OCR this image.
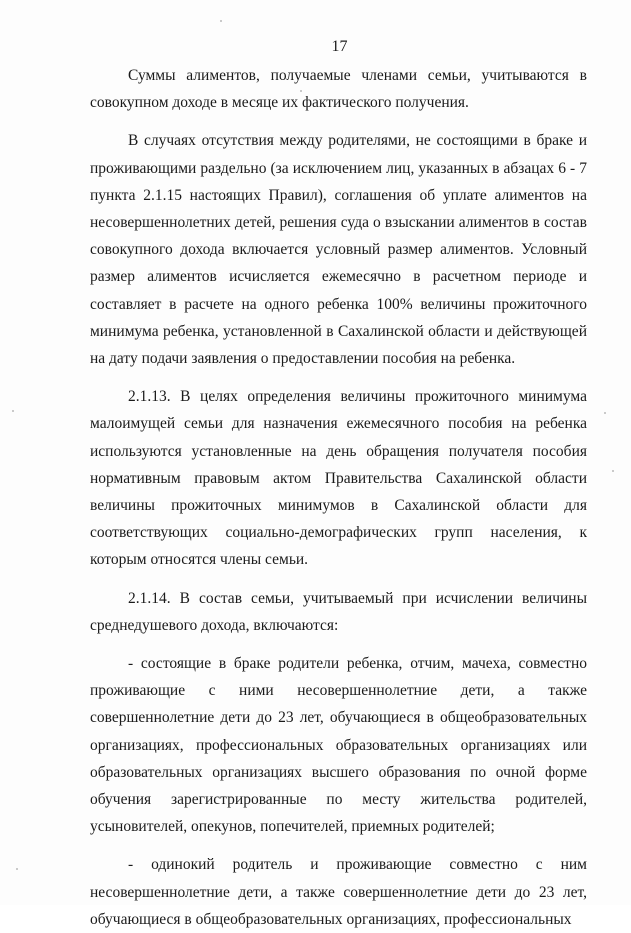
17

Суммы алиментов, получаемые членами семьи, учитываются в совокупном доходе в месяце их фактического получения.

В случаях отсутствия между родителями, не состоящими в браке и проживающими раздельно (за исключением лиц, указанных в абзацах 6 - 7 пункта 2.1.15 настоящих Правил), соглашения об уплате алиментов на несовершеннолетних детей, решения суда о взыскании алиментов в состав совокупного дохода включается условный размер алиментов. Условный размер алиментов исчисляется ежемесячно в расчетном периоде и составляет в расчете на одного ребенка 100% величины прожиточного минимума ребенка, установленной в Сахалинской области и действующей на дату подачи заявления о предоставлении пособия на ребенка.

2.1.13. В целях определения величины прожиточного минимума малоимущей семьи для назначения ежемесячного пособия на ребенка используются установленные на день обращения получателя пособия нормативным правовым актом Правительства Сахалинской области величины прожиточных минимумов в Сахалинской области для соответствующих социально-демографических групп населения, к которым относятся члены семьи.

2.1.14. В состав семьи, учитываемый при исчислении величины среднедушевого дохода, включаются:

- состоящие в браке родители ребенка, отчим, мачеха, совместно проживающие с ними несовершеннолетние дети, а также совершеннолетние дети до 23 лет, обучающиеся в общеобразовательных организациях, профессиональных образовательных организациях или образовательных организациях высшего образования по очной форме обучения зарегистрированные по месту жительства родителей, усыновителей, опекунов, попечителей, приемных родителей;

- одинокий родитель и проживающие совместно с ним несовершеннолетние дети, а также совершеннолетние дети до 23 лет, обучающиеся в общеобразовательных организациях, профессиональных
